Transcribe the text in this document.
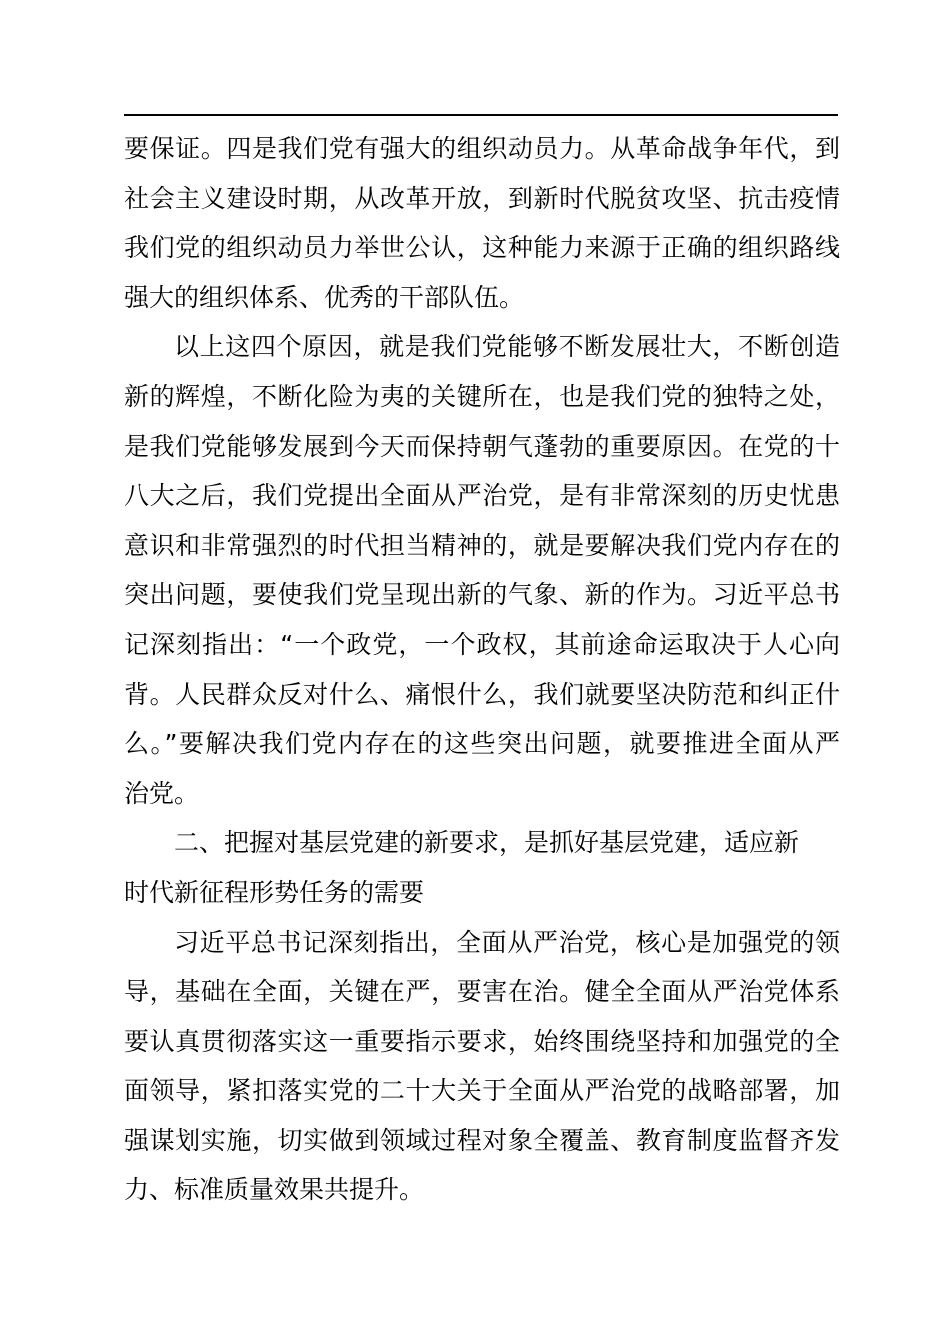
要保证。四是我们党有强大的组织动员力。从革命战争年代，到
社会主义建设时期，从改革开放，到新时代脱贫攻坚、抗击疫情
我们党的组织动员力举世公认，这种能力来源于正确的组织路线
强大的组织体系、优秀的干部队伍。
以上这四个原因，就是我们党能够不断发展壮大，不断创造
新的辉煌，不断化险为夷的关键所在，也是我们党的独特之处，
是我们党能够发展到今天而保持朝气蓬勃的重要原因。在党的十
八大之后，我们党提出全面从严治党，是有非常深刻的历史忧患
意识和非常强烈的时代担当精神的，就是要解决我们党内存在的
突出问题，要使我们党呈现出新的气象、新的作为。习近平总书
记深刻指出：“一个政党，一个政权，其前途命运取决于人心向
背。人民群众反对什么、痛恨什么，我们就要坚决防范和纠正什
么。”要解决我们党内存在的这些突出问题，就要推进全面从严
治党。
二、把握对基层党建的新要求，是抓好基层党建，适应新
时代新征程形势任务的需要
习近平总书记深刻指出，全面从严治党，核心是加强党的领
导，基础在全面，关键在严，要害在治。健全全面从严治党体系
要认真贯彻落实这一重要指示要求，始终围绕坚持和加强党的全
面领导，紧扣落实党的二十大关于全面从严治党的战略部署，加
强谋划实施，切实做到领域过程对象全覆盖、教育制度监督齐发
力、标准质量效果共提升。
